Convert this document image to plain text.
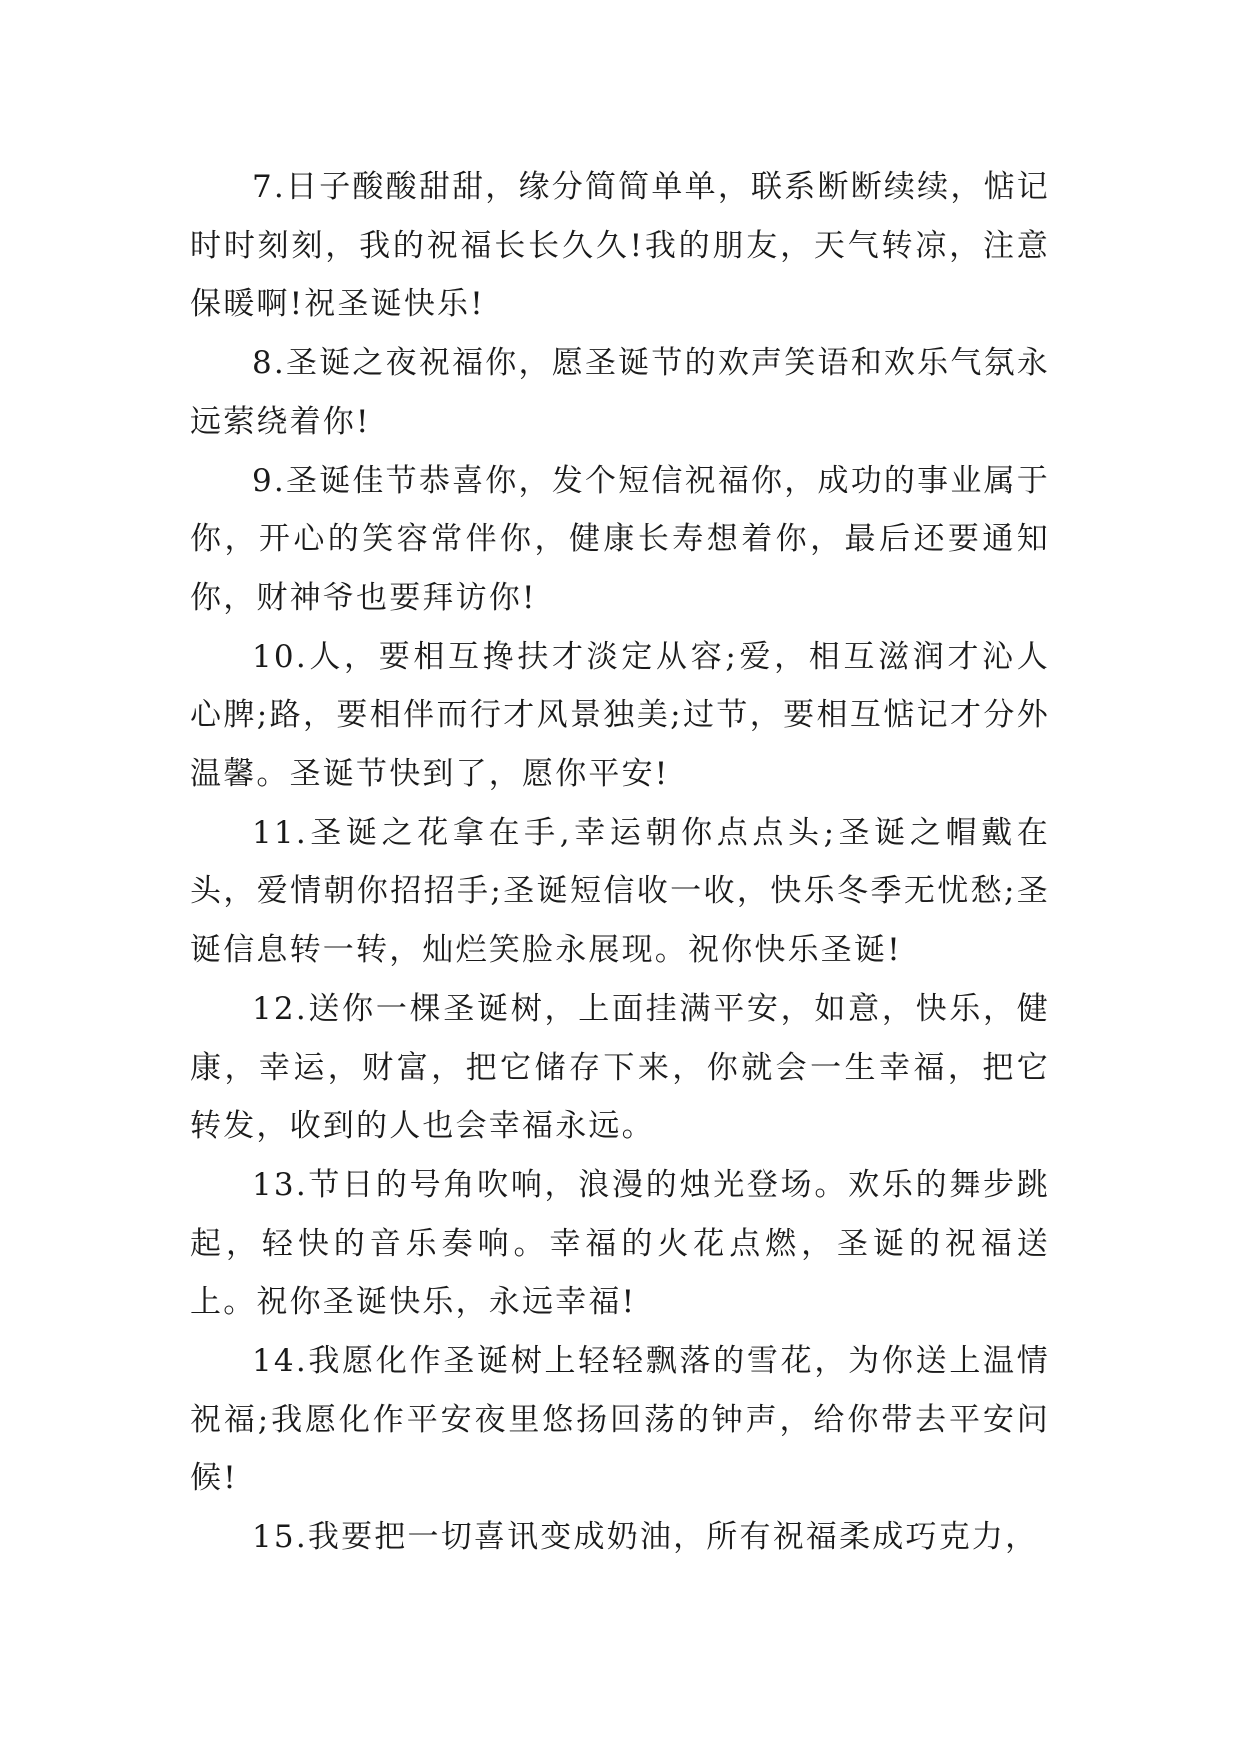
7.日子酸酸甜甜，缘分简简单单，联系断断续续，惦记时时刻刻，我的祝福长长久久!我的朋友，天气转凉，注意保暖啊!祝圣诞快乐!

8.圣诞之夜祝福你，愿圣诞节的欢声笑语和欢乐气氛永远萦绕着你!

9.圣诞佳节恭喜你，发个短信祝福你，成功的事业属于你，开心的笑容常伴你，健康长寿想着你，最后还要通知你，财神爷也要拜访你!

10.人，要相互搀扶才淡定从容;爱，相互滋润才沁人心脾;路，要相伴而行才风景独美;过节，要相互惦记才分外温馨。圣诞节快到了，愿你平安!

11.圣诞之花拿在手,幸运朝你点点头;圣诞之帽戴在头，爱情朝你招招手;圣诞短信收一收，快乐冬季无忧愁;圣诞信息转一转，灿烂笑脸永展现。祝你快乐圣诞!

12.送你一棵圣诞树，上面挂满平安，如意，快乐，健康，幸运，财富，把它储存下来，你就会一生幸福，把它转发，收到的人也会幸福永远。

13.节日的号角吹响，浪漫的烛光登场。欢乐的舞步跳起，轻快的音乐奏响。幸福的火花点燃，圣诞的祝福送上。祝你圣诞快乐，永远幸福!

14.我愿化作圣诞树上轻轻飘落的雪花，为你送上温情祝福;我愿化作平安夜里悠扬回荡的钟声，给你带去平安问候!

15.我要把一切喜讯变成奶油，所有祝福柔成巧克力，
